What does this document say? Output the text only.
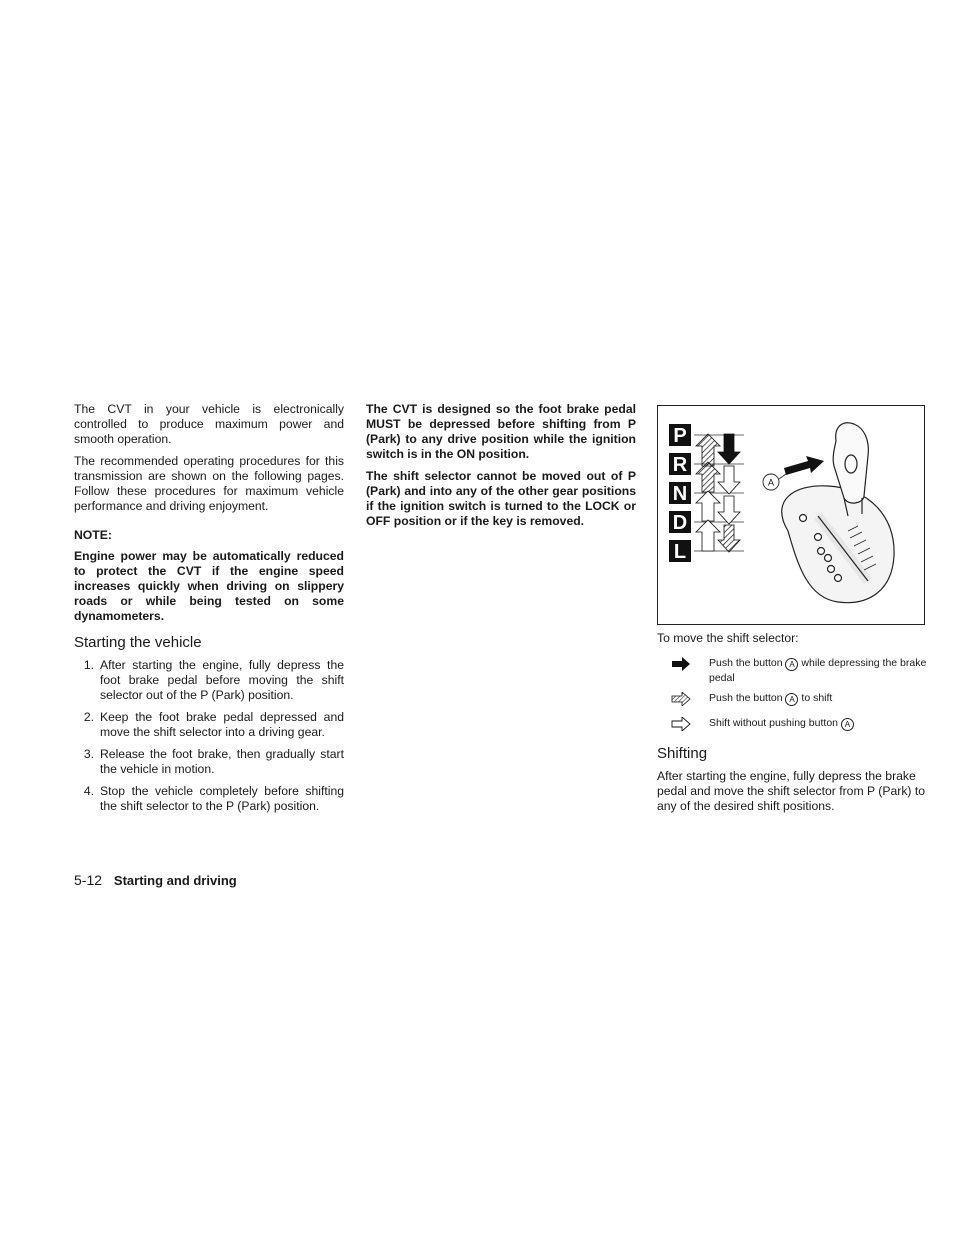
The CVT in your vehicle is electronically controlled to produce maximum power and smooth operation.

The recommended operating procedures for this transmission are shown on the following pages. Follow these procedures for maximum vehicle performance and driving enjoyment.

NOTE:

Engine power may be automatically reduced to protect the CVT if the engine speed increases quickly when driving on slippery roads or while being tested on some dynamometers.

Starting the vehicle
1. After starting the engine, fully depress the foot brake pedal before moving the shift selector out of the P (Park) position.
2. Keep the foot brake pedal depressed and move the shift selector into a driving gear.
3. Release the foot brake, then gradually start the vehicle in motion.
4. Stop the vehicle completely before shifting the shift selector to the P (Park) position.

The CVT is designed so the foot brake pedal MUST be depressed before shifting from P (Park) to any drive position while the ignition switch is in the ON position.

The shift selector cannot be moved out of P (Park) and into any of the other gear positions if the ignition switch is turned to the LOCK or OFF position or if the key is removed.

P
R
N
D
L
A

To move the shift selector:

Push the button A while depressing the brake pedal
Push the button A to shift
Shift without pushing button A
Shifting

After starting the engine, fully depress the brake pedal and move the shift selector from P (Park) to any of the desired shift positions.

5-12 Starting and driving
